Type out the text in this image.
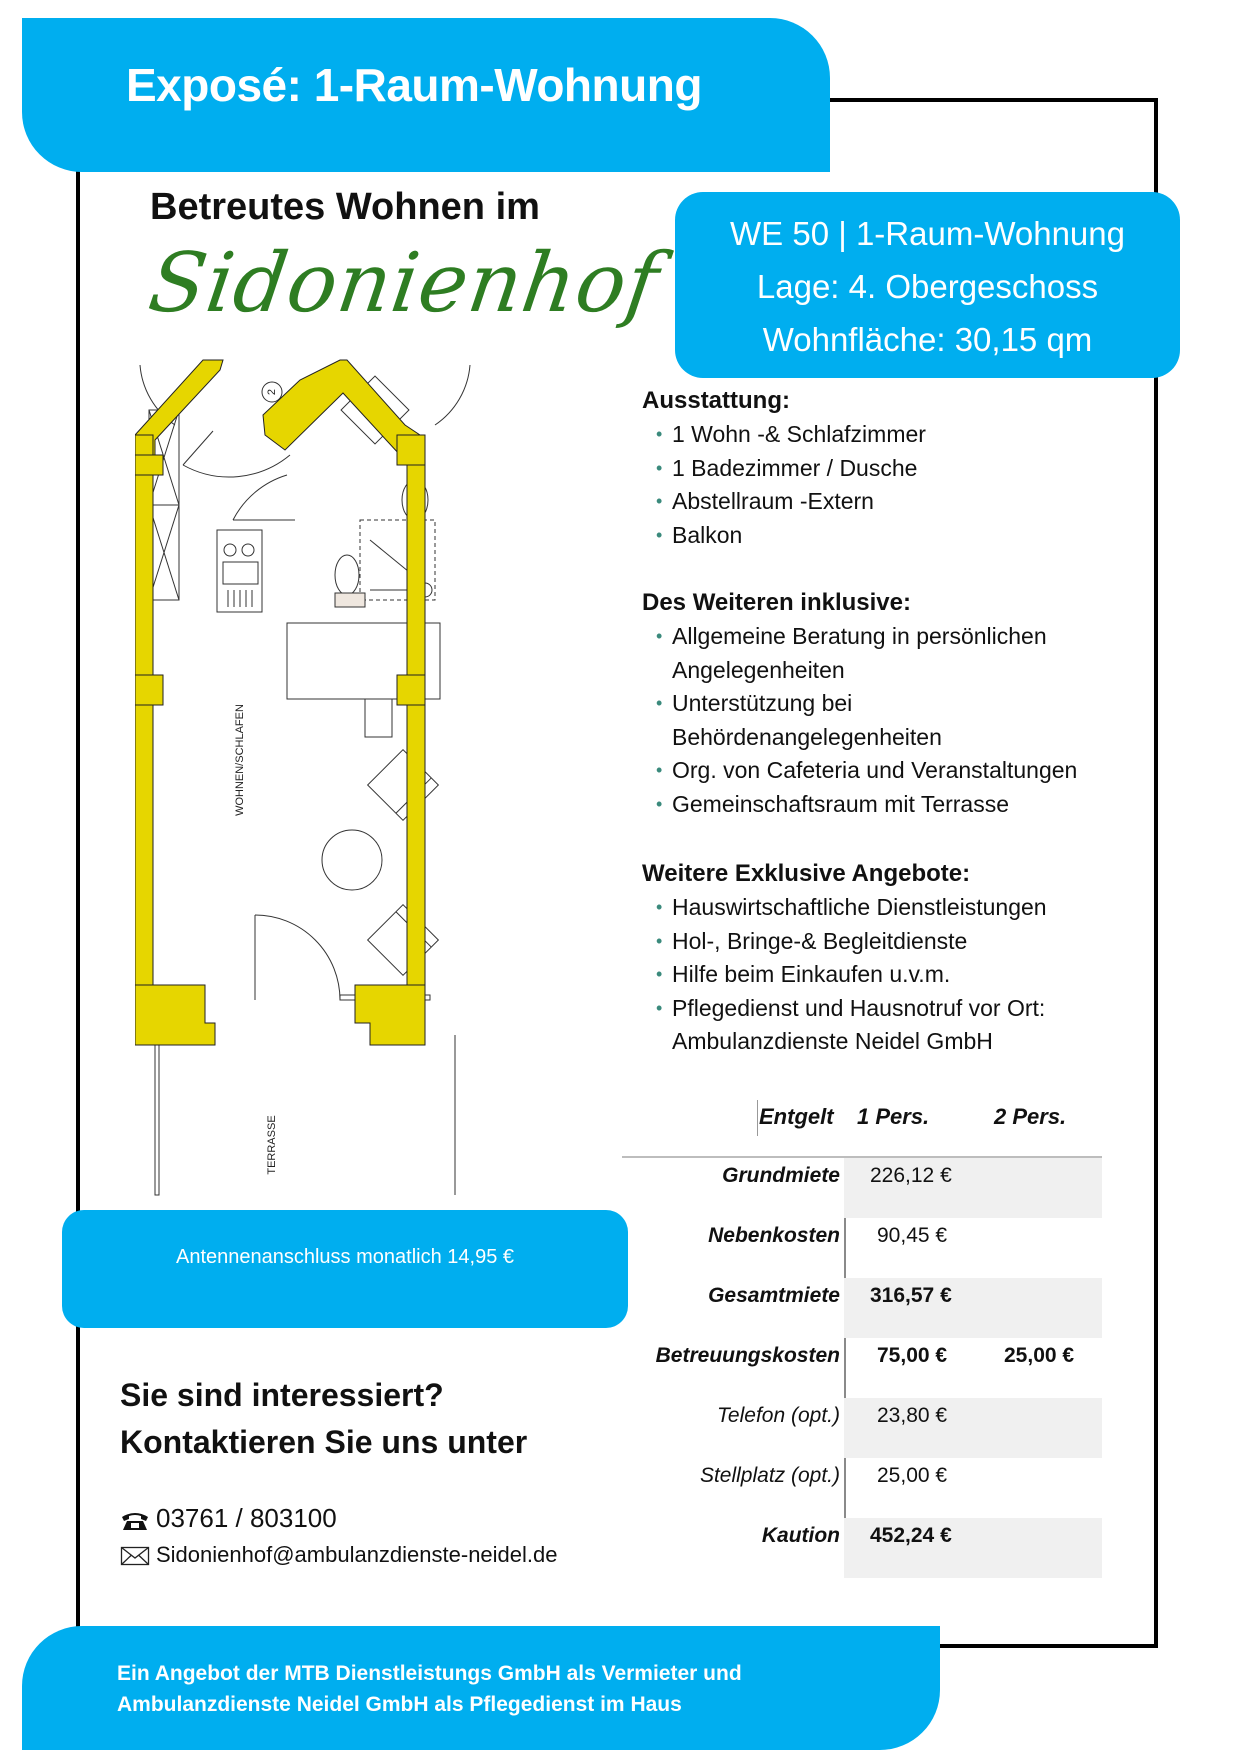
Exposé: 1-Raum-Wohnung
Betreutes Wohnen im
Sidonienhof
WE 50 | 1-Raum-Wohnung
Lage: 4. Obergeschoss
Wohnfläche: 30,15 qm
WOHNEN/SCHLAFEN
TERRASSE
2	Ausstattung:
• 1 Wohn -& Schlafzimmer
• 1 Badezimmer / Dusche
• Abstellraum -Extern
• Balkon
Des Weiteren inklusive:
• Allgemeine Beratung in persönlichen
Angelegenheiten
• Unterstützung bei
Behördenangelegenheiten
• Org. von Cafeteria und Veranstaltungen
• Gemeinschaftsraum mit Terrasse
Weitere Exklusive Angebote:
• Hauswirtschaftliche Dienstleistungen
• Hol-, Bringe-& Begleitdienste
• Hilfe beim Einkaufen u.v.m.
• Pflegedienst und Hausnotruf vor Ort:
Ambulanzdienste Neidel GmbH
Entgelt 1 Pers.	2 Pers.
Grundmiete 226,12 €
Nebenkosten 90,45 €
Gesamtmiete 316,57 €
Betreuungskosten 75,00 €	25,00 €
Telefon (opt.) 23,80 €
Stellplatz (opt.) 25,00 €
Kaution 452,24 €
Antennenanschluss monatlich 14,95 €
Sie sind interessiert?
Kontaktieren Sie uns unter
03761 / 803100
Sidonienhof@ambulanzdienste-neidel.de
Ein Angebot der MTB Dienstleistungs GmbH als Vermieter und
Ambulanzdienste Neidel GmbH als Pflegedienst im Haus
